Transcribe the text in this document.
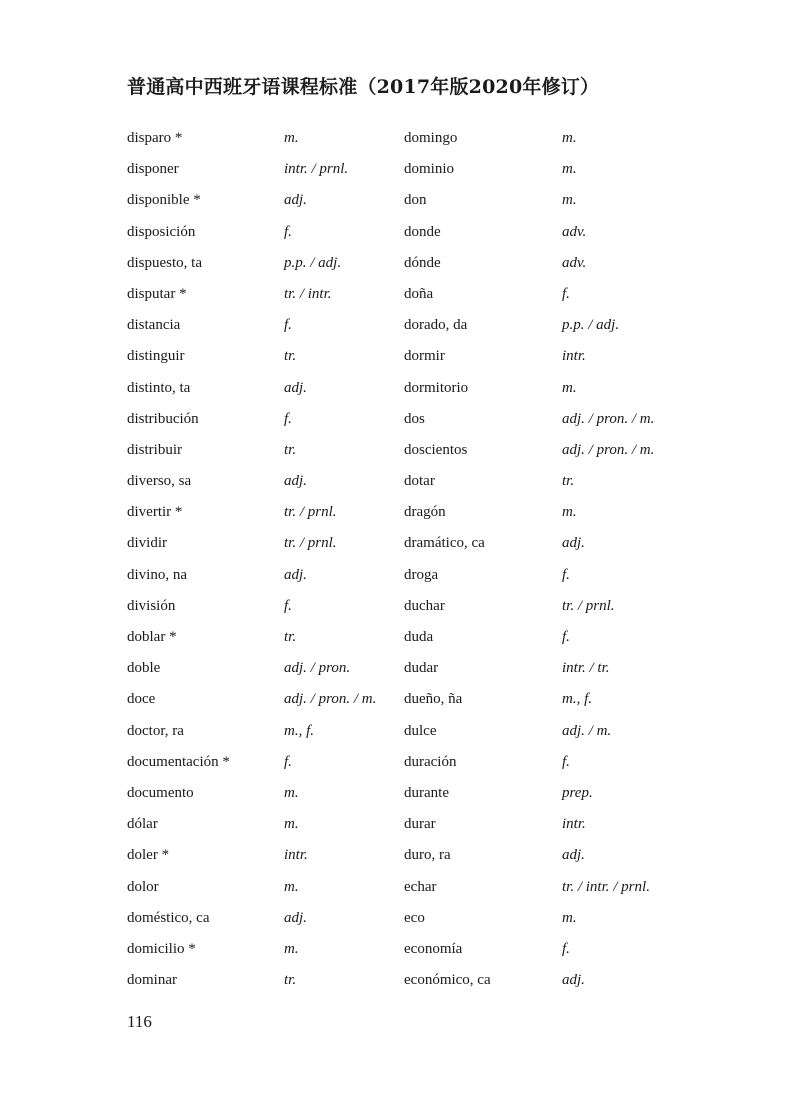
普通高中西班牙语课程标准（2017年版2020年修订）
disparo *	m.
disponer	intr. / prnl.
disponible *	adj.
disposición	f.
dispuesto, ta	p.p. / adj.
disputar *	tr. / intr.
distancia	f.
distinguir	tr.
distinto, ta	adj.
distribución	f.
distribuir	tr.
diverso, sa	adj.
divertir *	tr. / prnl.
dividir	tr. / prnl.
divino, na	adj.
división	f.
doblar *	tr.
doble	adj. / pron.
doce	adj. / pron. / m.
doctor, ra	m., f.
documentación *	f.
documento	m.
dólar	m.
doler *	intr.
dolor	m.
doméstico, ca	adj.
domicilio *	m.
dominar	tr.
domingo	m.
dominio	m.
don	m.
donde	adv.
dónde	adv.
doña	f.
dorado, da	p.p. / adj.
dormir	intr.
dormitorio	m.
dos	adj. / pron. / m.
doscientos	adj. / pron. / m.
dotar	tr.
dragón	m.
dramático, ca	adj.
droga	f.
duchar	tr. / prnl.
duda	f.
dudar	intr. / tr.
dueño, ña	m., f.
dulce	adj. / m.
duración	f.
durante	prep.
durar	intr.
duro, ra	adj.
echar	tr. / intr. / prnl.
eco	m.
economía	f.
económico, ca	adj.
116
